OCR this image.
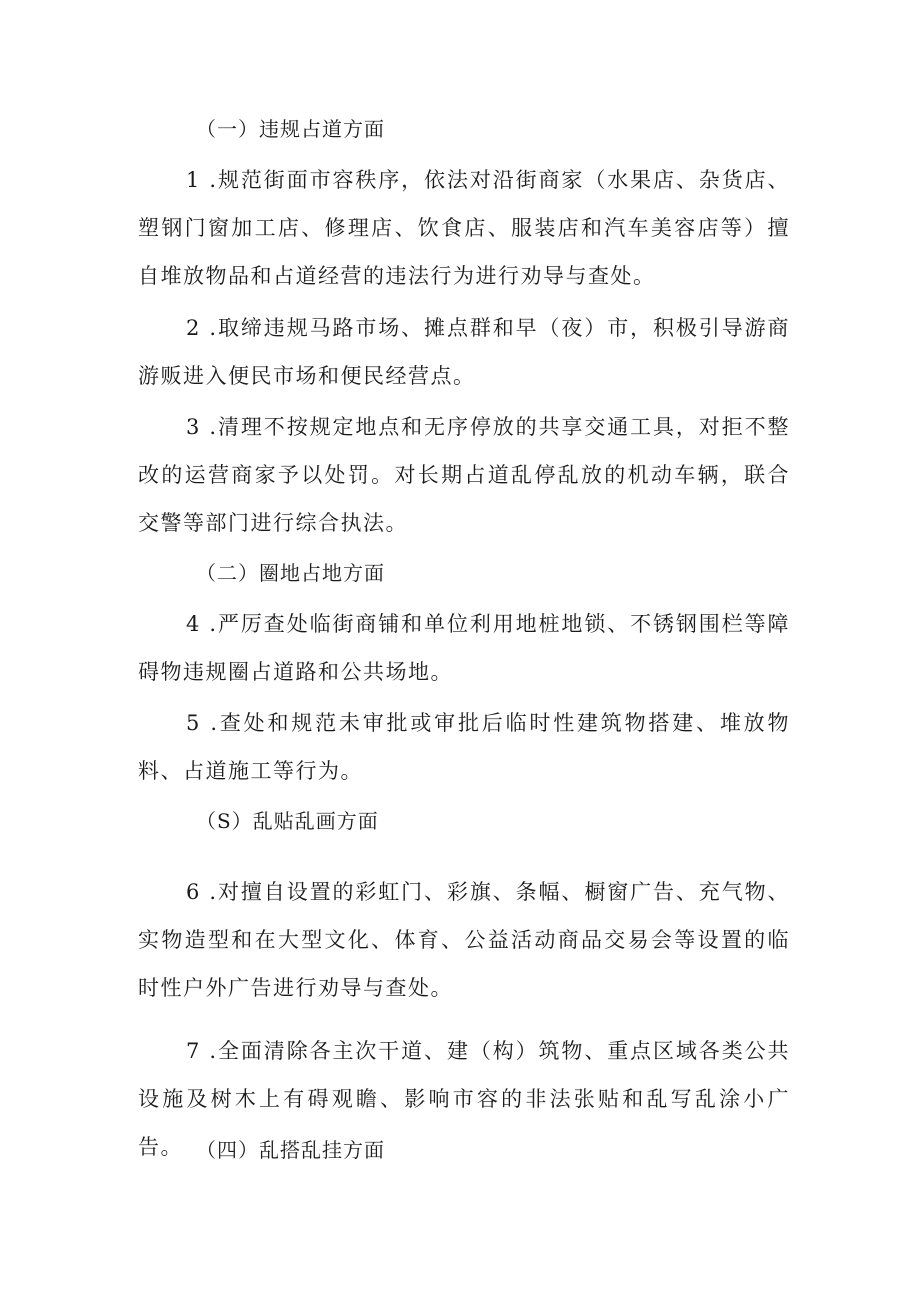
（一）违规占道方面

1 .规范街面市容秩序，依法对沿街商家（水果店、杂货店、塑钢门窗加工店、修理店、饮食店、服装店和汽车美容店等）擅自堆放物品和占道经营的违法行为进行劝导与查处。

2 .取缔违规马路市场、摊点群和早（夜）市，积极引导游商游贩进入便民市场和便民经营点。

3 .清理不按规定地点和无序停放的共享交通工具，对拒不整改的运营商家予以处罚。对长期占道乱停乱放的机动车辆，联合交警等部门进行综合执法。

（二）圈地占地方面

4 .严厉查处临街商铺和单位利用地桩地锁、不锈钢围栏等障碍物违规圈占道路和公共场地。

5 .查处和规范未审批或审批后临时性建筑物搭建、堆放物料、占道施工等行为。

（S）乱贴乱画方面

6 .对擅自设置的彩虹门、彩旗、条幅、橱窗广告、充气物、实物造型和在大型文化、体育、公益活动商品交易会等设置的临时性户外广告进行劝导与查处。

7 .全面清除各主次干道、建（构）筑物、重点区域各类公共设施及树木上有碍观瞻、影响市容的非法张贴和乱写乱涂小广告。 （四）乱搭乱挂方面
